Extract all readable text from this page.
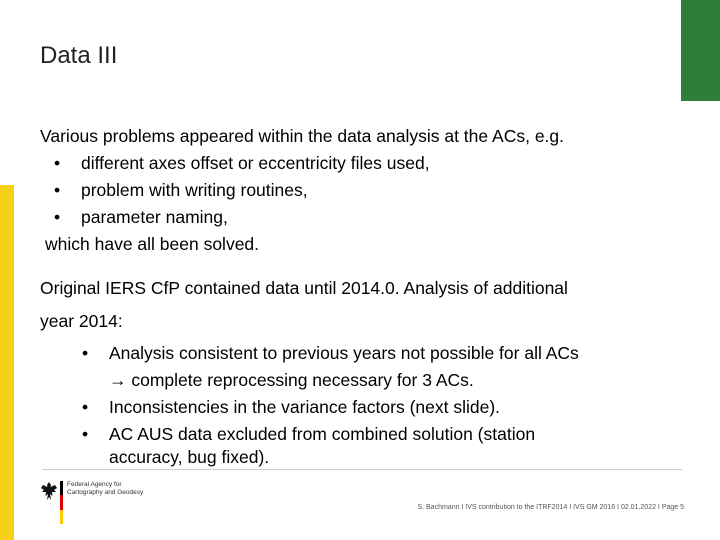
Data III
Various problems appeared within the data analysis at the ACs, e.g.
•	different axes offset or eccentricity files used,
•	problem with writing routines,
•	parameter naming,
which have all been solved.
Original IERS CfP contained data until 2014.0. Analysis of additional
year 2014:
•	Analysis consistent to previous years not possible for all ACs
→ complete reprocessing necessary for 3 ACs.
•	Inconsistencies in the variance factors (next slide).
•	AC AUS data excluded from combined solution (station
accuracy, bug fixed).
Federal Agency for
Cartography and Geodesy
S. Bachmann I IVS contribution to the ITRF2014 I IVS GM 2016 I 02.01.2022 I Page 5
